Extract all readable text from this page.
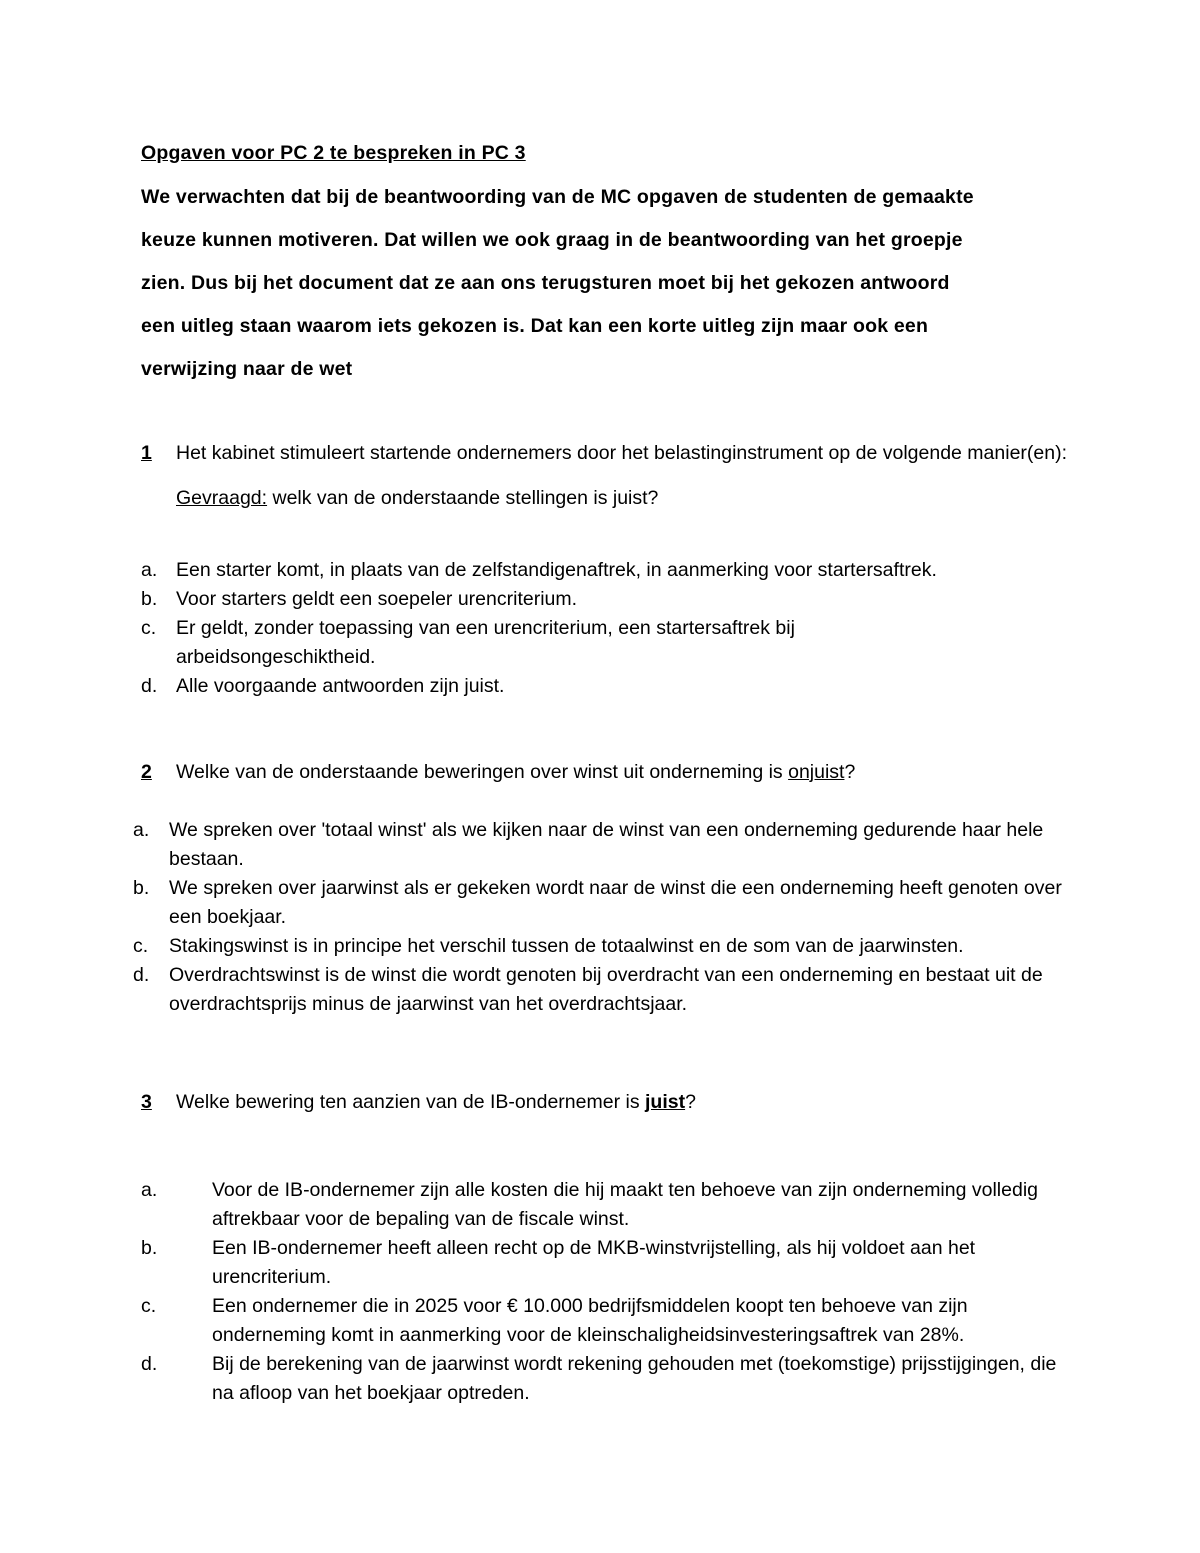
Opgaven voor PC 2 te bespreken in PC 3
We verwachten dat bij de beantwoording van de MC opgaven de studenten de gemaakte
keuze kunnen motiveren. Dat willen we ook graag in de beantwoording van het groepje
zien. Dus bij het document dat ze aan ons terugsturen moet bij het gekozen antwoord
een uitleg staan waarom iets gekozen is. Dat kan een korte uitleg zijn maar ook een
verwijzing naar de wet
1 Het kabinet stimuleert startende ondernemers door het belastinginstrument op de volgende manier(en):
Gevraagd: welk van de onderstaande stellingen is juist?
a. Een starter komt, in plaats van de zelfstandigenaftrek, in aanmerking voor startersaftrek.
b. Voor starters geldt een soepeler urencriterium.
c. Er geldt, zonder toepassing van een urencriterium, een startersaftrek bij arbeidsongeschiktheid.
d. Alle voorgaande antwoorden zijn juist.
2 Welke van de onderstaande beweringen over winst uit onderneming is onjuist?
a. We spreken over 'totaal winst' als we kijken naar de winst van een onderneming gedurende haar hele bestaan.
b. We spreken over jaarwinst als er gekeken wordt naar de winst die een onderneming heeft genoten over een boekjaar.
c. Stakingswinst is in principe het verschil tussen de totaalwinst en de som van de jaarwinsten.
d. Overdrachtswinst is de winst die wordt genoten bij overdracht van een onderneming en bestaat uit de overdrachtsprijs minus de jaarwinst van het overdrachtsjaar.
3 Welke bewering ten aanzien van de IB-ondernemer is juist?
a.	Voor de IB-ondernemer zijn alle kosten die hij maakt ten behoeve van zijn onderneming volledig aftrekbaar voor de bepaling van de fiscale winst.
b.	Een IB-ondernemer heeft alleen recht op de MKB-winstvrijstelling, als hij voldoet aan het urencriterium.
c.	Een ondernemer die in 2025 voor € 10.000 bedrijfsmiddelen koopt ten behoeve van zijn onderneming komt in aanmerking voor de kleinschaligheidsinvesteringsaftrek van 28%.
d.	Bij de berekening van de jaarwinst wordt rekening gehouden met (toekomstige) prijsstijgingen, die na afloop van het boekjaar optreden.
